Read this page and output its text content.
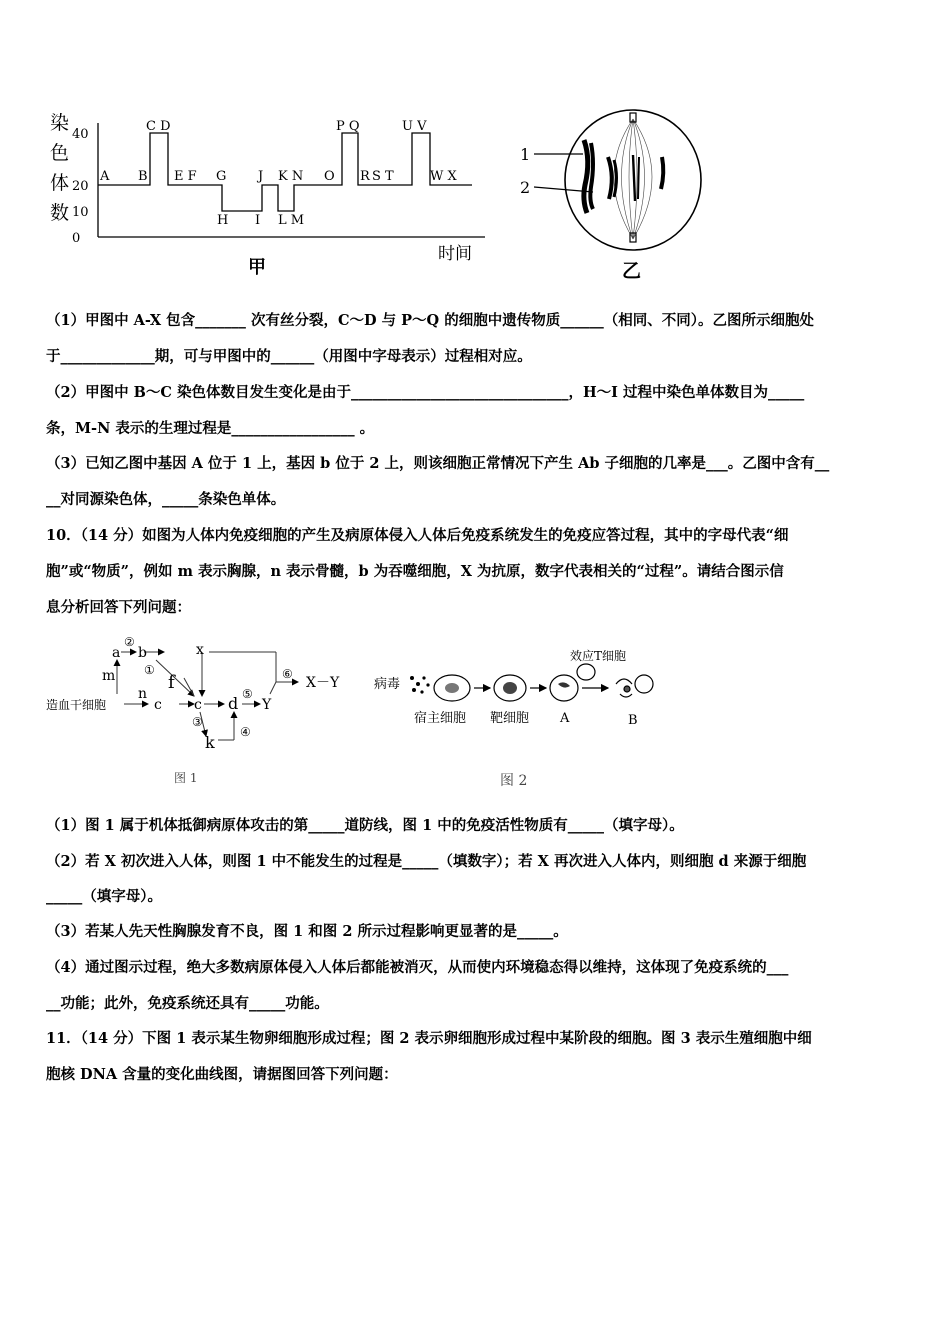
染
色
体
数
40
20
10
0
A B
C D
E F G
H I
J K N
L M
O
P Q
R S T
U V
W X
时间
甲
1
2
乙
（1）甲图中 A-X 包含_______ 次有丝分裂，C～D 与 P～Q 的细胞中遗传物质______（相同、不同）。乙图所示细胞处
于_____________期，可与甲图中的______（用图中字母表示）过程相对应。
（2）甲图中 B～C 染色体数目发生变化是由于______________________________，H～I 过程中染色单体数目为_____
条，M-N 表示的生理过程是_________________ 。
（3）已知乙图中基因 A 位于 1 上，基因 b 位于 2 上，则该细胞正常情况下产生 Ab 子细胞的几率是___。乙图中含有__
__对同源染色体，_____条染色单体。
10．（14 分）如图为人体内免疫细胞的产生及病原体侵入人体后免疫系统发生的免疫应答过程，其中的字母代表“细
胞”或“物质”，例如 m 表示胸腺，n 表示骨髓，b 为吞噬细胞，X 为抗原，数字代表相关的“过程”。请结合图示信
息分析回答下列问题：
造血干细胞
n
c c
m
a b	x
f
d
k
Y
X－Y
②
①
③
④
⑤
⑥
图 1
病毒
效应T细胞
宿主细胞 靶细胞 A	B
图 2
（1）图 1 属于机体抵御病原体攻击的第_____道防线，图 1 中的免疫活性物质有_____（填字母）。
（2）若 X 初次进入人体，则图 1 中不能发生的过程是_____（填数字）；若 X 再次进入人体内，则细胞 d 来源于细胞
_____（填字母）。
（3）若某人先天性胸腺发育不良，图 1 和图 2 所示过程影响更显著的是_____。
（4）通过图示过程，绝大多数病原体侵入人体后都能被消灭，从而使内环境稳态得以维持，这体现了免疫系统的___
__功能；此外，免疫系统还具有_____功能。
11．（14 分）下图 1 表示某生物卵细胞形成过程；图 2 表示卵细胞形成过程中某阶段的细胞。图 3 表示生殖细胞中细
胞核 DNA 含量的变化曲线图，请据图回答下列问题：
